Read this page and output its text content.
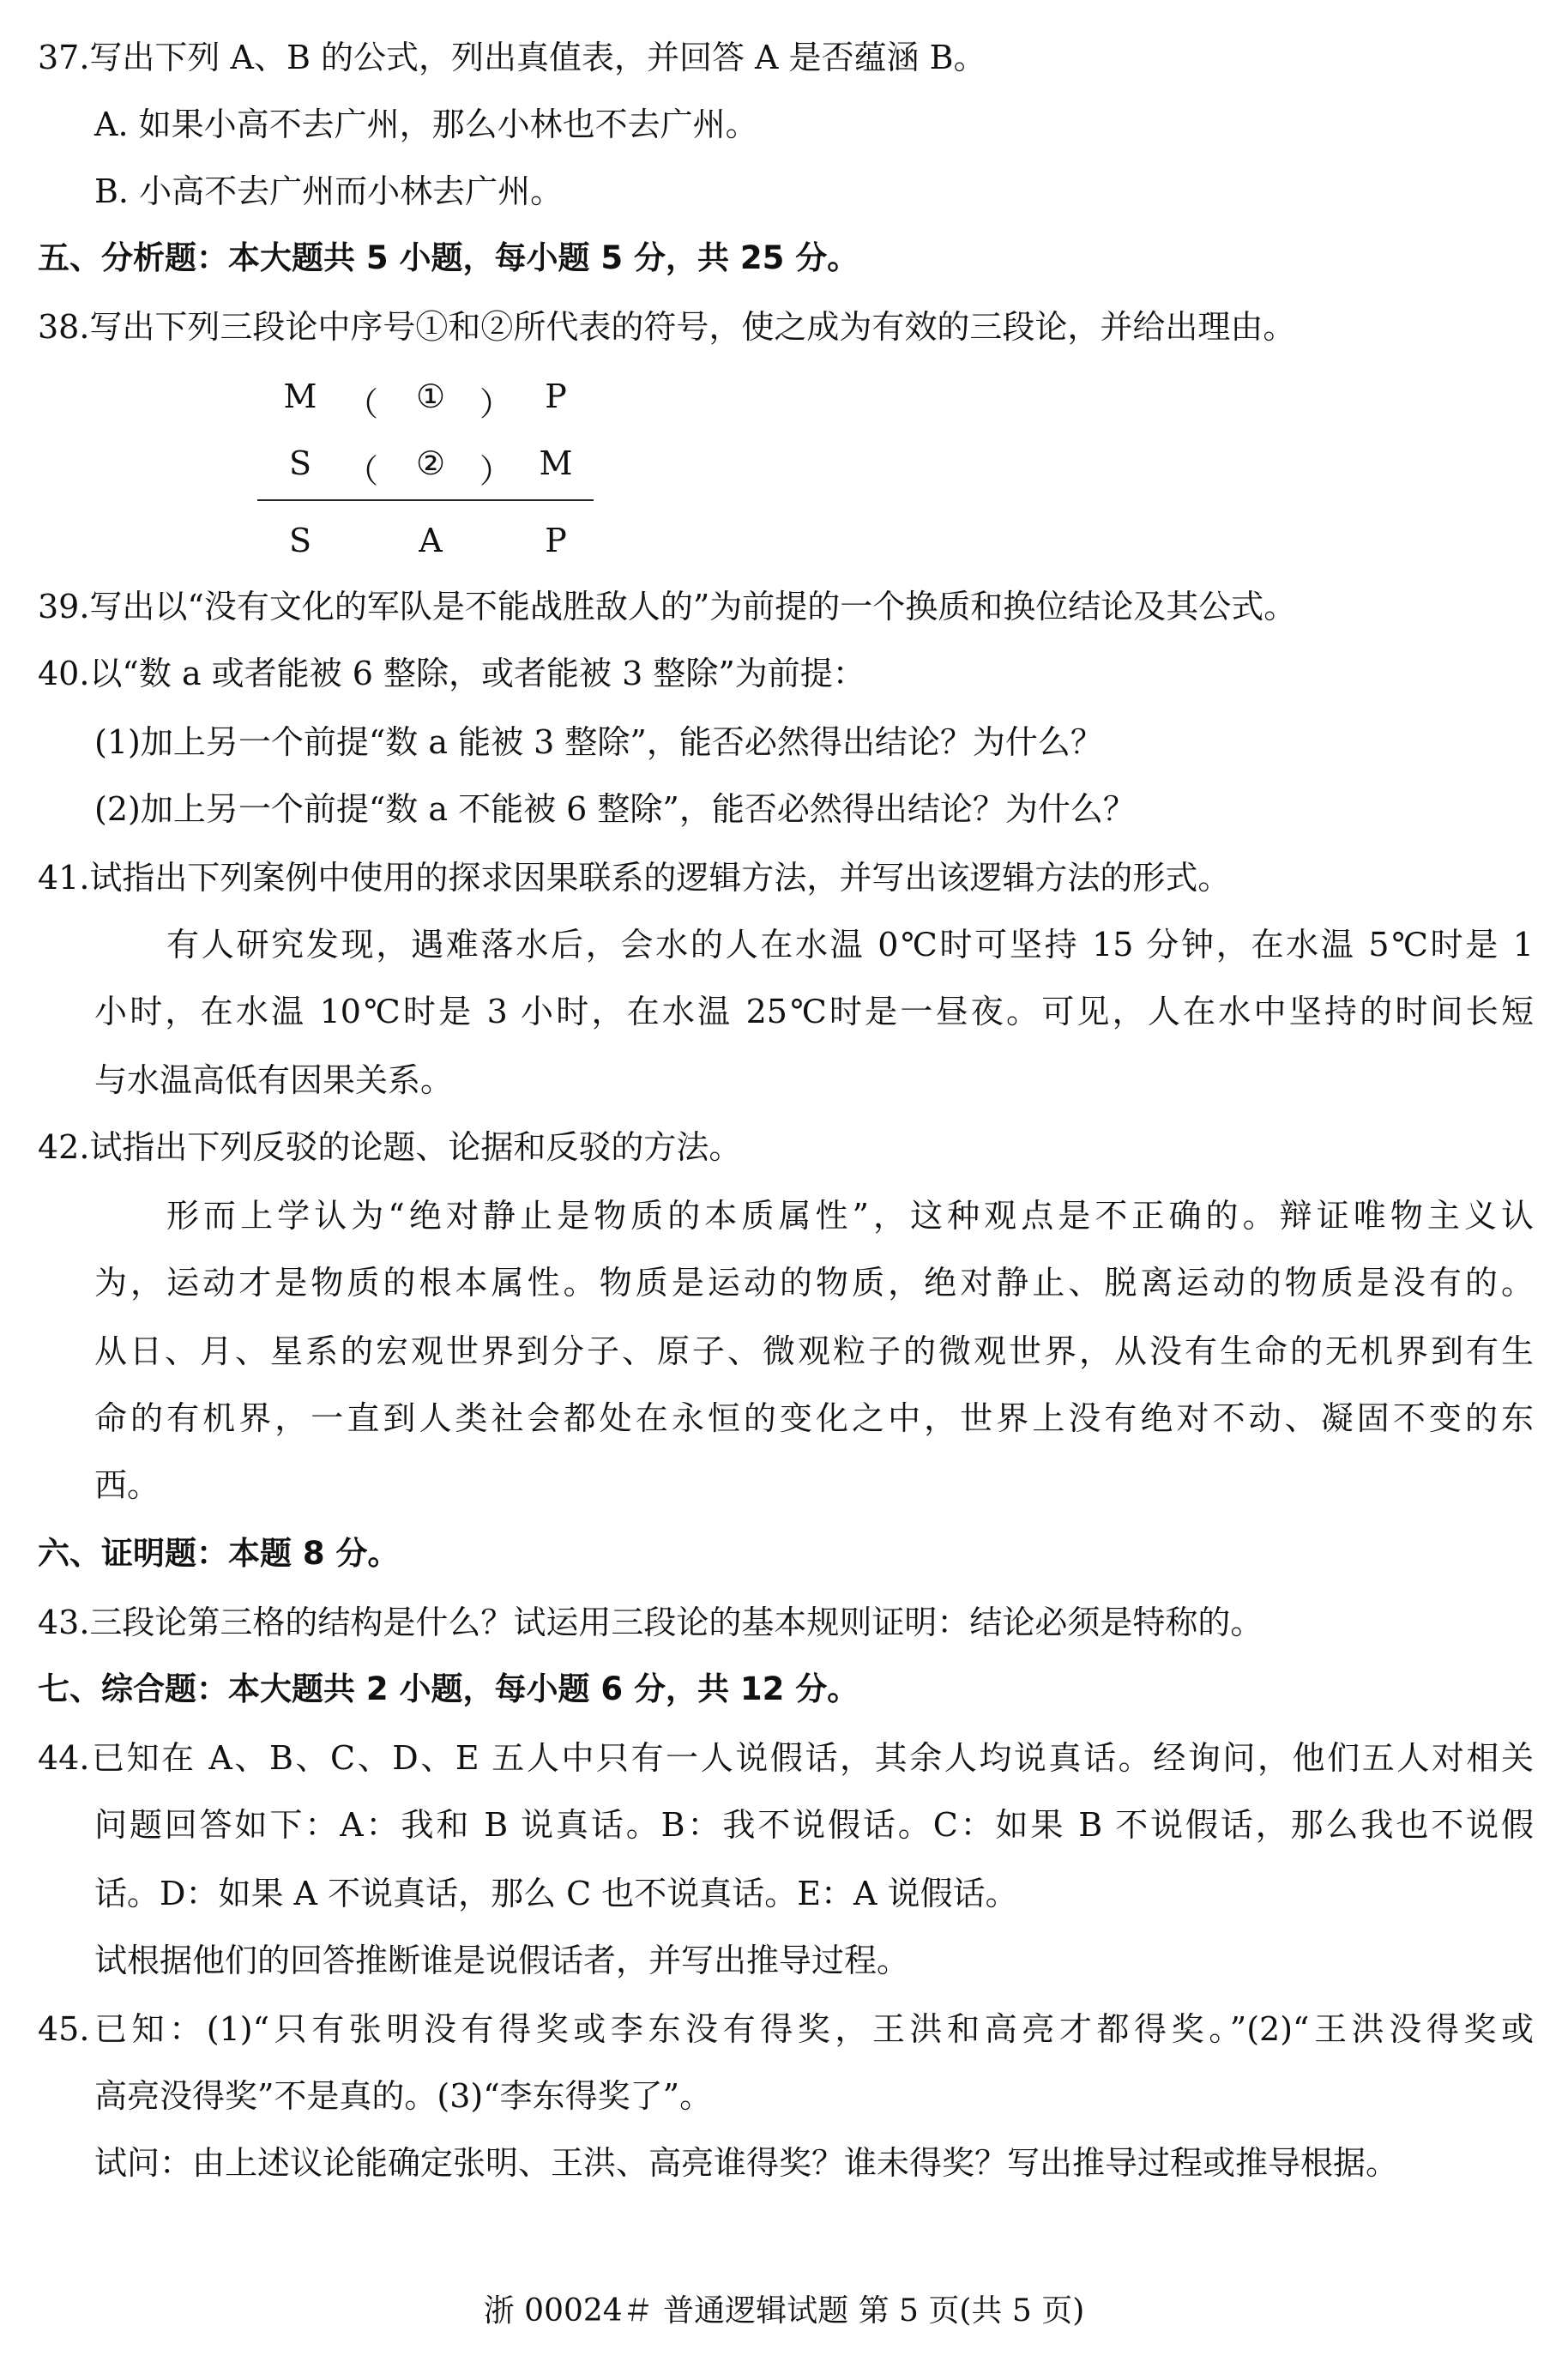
37.写出下列 A、B 的公式，列出真值表，并回答 A 是否蕴涵 B。
A. 如果小高不去广州，那么小林也不去广州。
B. 小高不去广州而小林去广州。
五、分析题：本大题共 5 小题，每小题 5 分，共 25 分。
38.写出下列三段论中序号①和②所代表的符号，使之成为有效的三段论，并给出理由。
M （	①	）	P
S	（	②	） M
S	A	P
39.写出以“没有文化的军队是不能战胜敌人的”为前提的一个换质和换位结论及其公式。
40.以“数 a 或者能被 6 整除，或者能被 3 整除”为前提：
(1)加上另一个前提“数 a 能被 3 整除”，能否必然得出结论？为什么？
(2)加上另一个前提“数 a 不能被 6 整除”，能否必然得出结论？为什么？
41.试指出下列案例中使用的探求因果联系的逻辑方法，并写出该逻辑方法的形式。
有人研究发现，遇难落水后，会水的人在水温 0℃时可坚持 15 分钟，在水温 5℃时是 1
小时，在水温 10℃时是 3 小时，在水温 25℃时是一昼夜。可见，人在水中坚持的时间长短
与水温高低有因果关系。
42.试指出下列反驳的论题、论据和反驳的方法。
形而上学认为“绝对静止是物质的本质属性”，这种观点是不正确的。辩证唯物主义认
为，运动才是物质的根本属性。物质是运动的物质，绝对静止、脱离运动的物质是没有的。
从日、月、星系的宏观世界到分子、原子、微观粒子的微观世界，从没有生命的无机界到有生
命的有机界，一直到人类社会都处在永恒的变化之中，世界上没有绝对不动、凝固不变的东
西。
六、证明题：本题 8 分。
43.三段论第三格的结构是什么？试运用三段论的基本规则证明：结论必须是特称的。
七、综合题：本大题共 2 小题，每小题 6 分，共 12 分。
44.已知在 A、B、C、D、E 五人中只有一人说假话，其余人均说真话。经询问，他们五人对相关
问题回答如下：A：我和 B 说真话。B：我不说假话。C：如果 B 不说假话，那么我也不说假
话。D：如果 A 不说真话，那么 C 也不说真话。E：A 说假话。
试根据他们的回答推断谁是说假话者，并写出推导过程。
45.已知：(1)“只有张明没有得奖或李东没有得奖，王洪和高亮才都得奖。”(2)“王洪没得奖或
高亮没得奖”不是真的。(3)“李东得奖了”。
试问：由上述议论能确定张明、王洪、高亮谁得奖？谁未得奖？写出推导过程或推导根据。
浙 00024＃ 普通逻辑试题 第 5 页(共 5 页)
